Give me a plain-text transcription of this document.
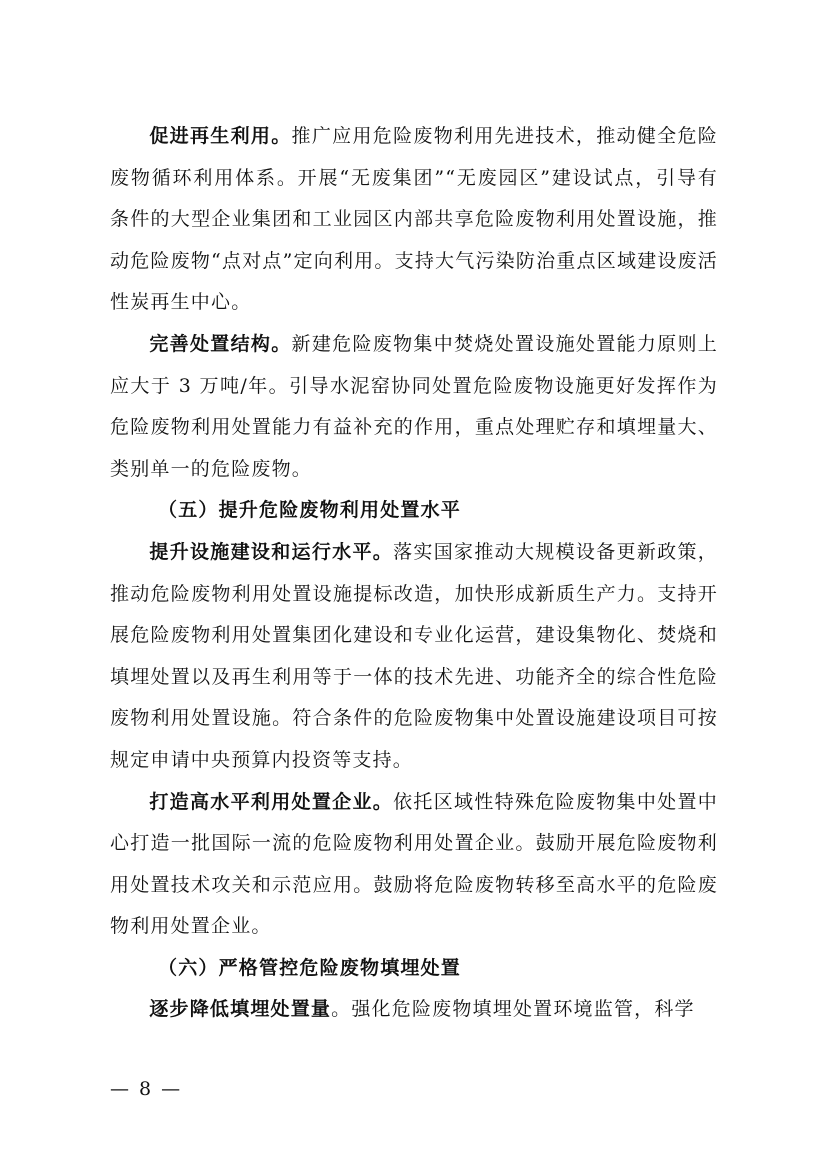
促进再生利用。推广应用危险废物利用先进技术，推动健全危险废物循环利用体系。开展“无废集团”“无废园区”建设试点，引导有条件的大型企业集团和工业园区内部共享危险废物利用处置设施，推动危险废物“点对点”定向利用。支持大气污染防治重点区域建设废活性炭再生中心。

完善处置结构。新建危险废物集中焚烧处置设施处置能力原则上应大于 3 万吨/年。引导水泥窑协同处置危险废物设施更好发挥作为危险废物利用处置能力有益补充的作用，重点处理贮存和填埋量大、类别单一的危险废物。

（五）提升危险废物利用处置水平

提升设施建设和运行水平。落实国家推动大规模设备更新政策，推动危险废物利用处置设施提标改造，加快形成新质生产力。支持开展危险废物利用处置集团化建设和专业化运营，建设集物化、焚烧和填埋处置以及再生利用等于一体的技术先进、功能齐全的综合性危险废物利用处置设施。符合条件的危险废物集中处置设施建设项目可按规定申请中央预算内投资等支持。

打造高水平利用处置企业。依托区域性特殊危险废物集中处置中心打造一批国际一流的危险废物利用处置企业。鼓励开展危险废物利用处置技术攻关和示范应用。鼓励将危险废物转移至高水平的危险废物利用处置企业。

（六）严格管控危险废物填埋处置

逐步降低填埋处置量。强化危险废物填埋处置环境监管，科学

— 8 —
